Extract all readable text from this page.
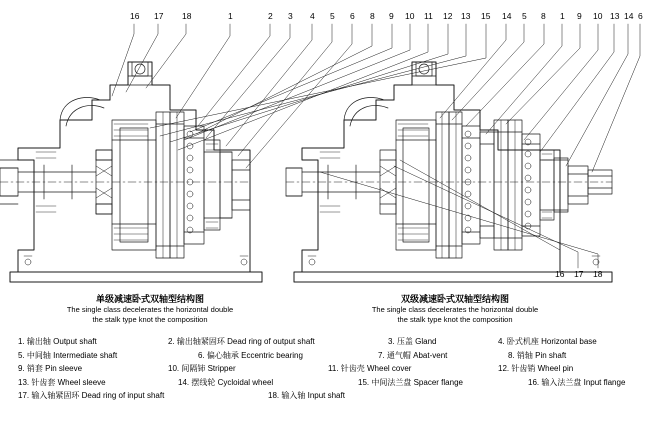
16 17 18	1	2 3 4 5 6 8 9 10 11 12 13 15 14 5 8 1 9 10 13 14 6
16 17 18
单级减速卧式双轴型结构图
The single class decelerates the horizontal double
the stalk type knot the composition
双级减速卧式双轴型结构图
The single class decelerates the horizontal double
the stalk type knot the composition
1. 输出轴 Output shaft	2. 输出轴紧固环 Dead ring of output shaft	3. 压盖 Gland	4. 卧式机座 Horizontal base
5. 中间轴 Intermediate shaft	6. 偏心轴承 Eccentric bearing	7. 通气帽 Abat-vent	8. 销轴 Pin shaft
9. 销套 Pin sleeve	10. 间隔铈 Stripper	11. 针齿壳 Wheel cover	12. 针齿销 Wheel pin
13. 针齿套 Wheel sleeve	14. 摆线轮 Cycloidal wheel	15. 中间法兰盘 Spacer flange	16. 输入法兰盘 Input flange
17. 输入轴紧固环 Dead ring of input shaft	18. 输入轴 Input shaft
